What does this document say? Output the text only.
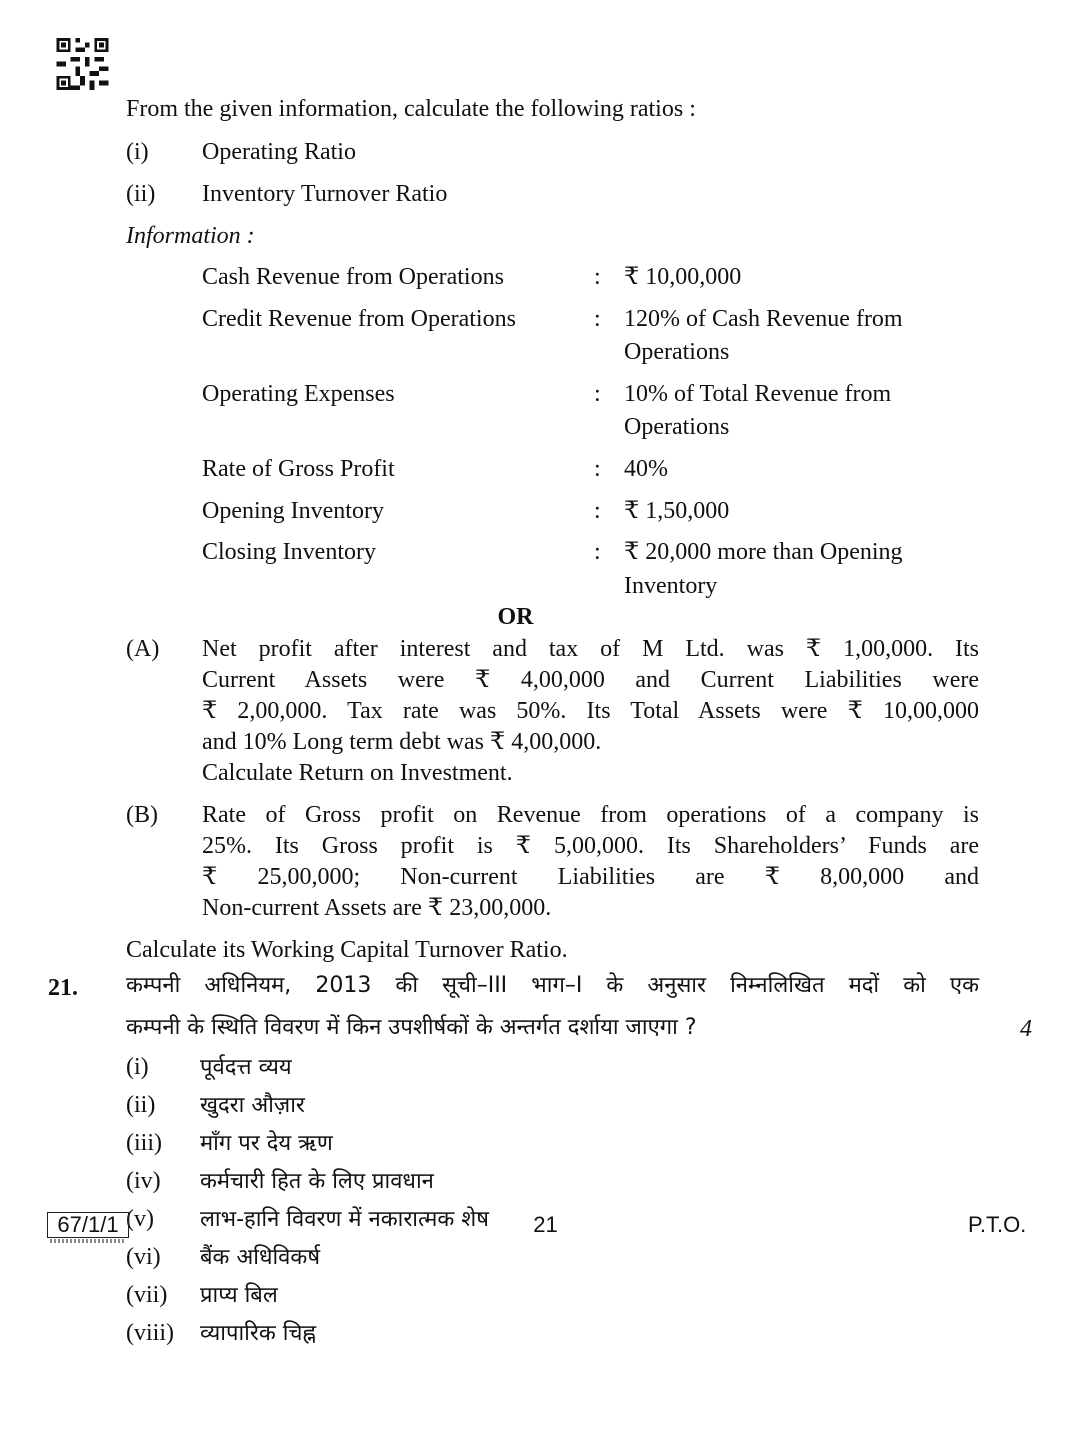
From the given information, calculate the following ratios :
(i) Operating Ratio
(ii) Inventory Turnover Ratio
Information :
Cash Revenue from Operations	: ₹ 10,00,000
Credit Revenue from Operations	: 120% of Cash Revenue from
Operations
Operating Expenses	: 10% of Total Revenue from
Operations
Rate of Gross Profit	: 40%
Opening Inventory	: ₹ 1,50,000
Closing Inventory	: ₹ 20,000 more than Opening
Inventory
OR
(A) Net profit after interest and tax of M Ltd. was ₹ 1,00,000. Its
Current Assets were ₹ 4,00,000 and Current Liabilities were
₹ 2,00,000. Tax rate was 50%. Its Total Assets were ₹ 10,00,000
and 10% Long term debt was ₹ 4,00,000.
Calculate Return on Investment.
(B) Rate of Gross profit on Revenue from operations of a company is
25%. Its Gross profit is ₹ 5,00,000. Its Shareholders’ Funds are
₹ 25,00,000; Non-current Liabilities are ₹ 8,00,000 and
Non-current Assets are ₹ 23,00,000.
Calculate its Working Capital Turnover Ratio.
21. कम्पनी अधिनियम, 2013 की सूची–III भाग–I के अनुसार निम्नलिखित मदों को एक
कम्पनी के स्थिति विवरण में किन उपशीर्षकों के अन्तर्गत दर्शाया जाएगा ?	4
(i) पूर्वदत्त व्यय
(ii) खुदरा औज़ार
(iii) माँग पर देय ऋण
(iv) कर्मचारी हित के लिए प्रावधान
(v) लाभ-हानि विवरण में नकारात्मक शेष
(vi) बैंक अधिविकर्ष
(vii) प्राप्य बिल
(viii) व्यापारिक चिह्न
67/1/1	21	P.T.O.
